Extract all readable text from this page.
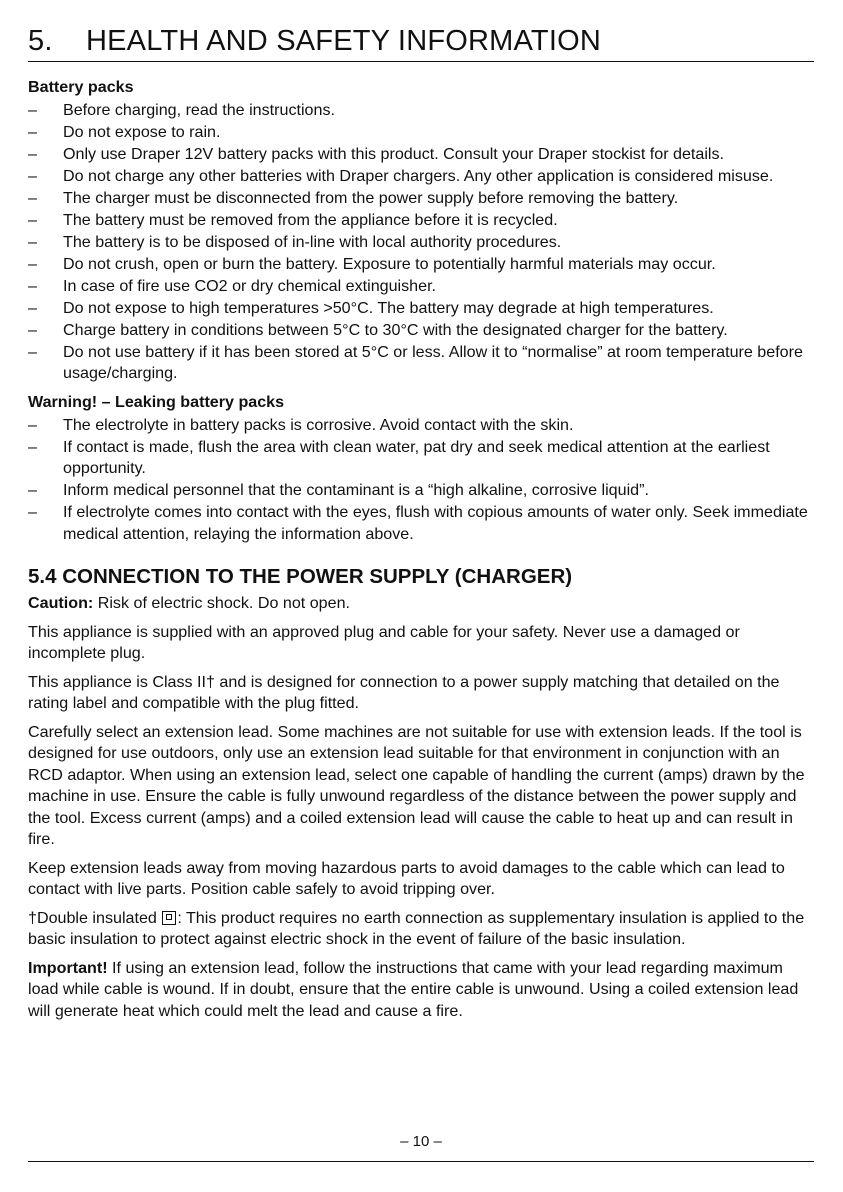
5. HEALTH AND SAFETY INFORMATION
Battery packs
–	Before charging, read the instructions.
–	Do not expose to rain.
–	Only use Draper 12V battery packs with this product. Consult your Draper stockist for details.
–	Do not charge any other batteries with Draper chargers. Any other application is considered misuse.
–	The charger must be disconnected from the power supply before removing the battery.
–	The battery must be removed from the appliance before it is recycled.
–	The battery is to be disposed of in-line with local authority procedures.
–	Do not crush, open or burn the battery. Exposure to potentially harmful materials may occur.
–	In case of fire use CO2 or dry chemical extinguisher.
–	Do not expose to high temperatures >50°C. The battery may degrade at high temperatures.
–	Charge battery in conditions between 5°C to 30°C with the designated charger for the battery.
–	Do not use battery if it has been stored at 5°C or less. Allow it to “normalise” at room temperature before usage/charging.
Warning! – Leaking battery packs
–	The electrolyte in battery packs is corrosive. Avoid contact with the skin.
–	If contact is made, flush the area with clean water, pat dry and seek medical attention at the earliest opportunity.
–	Inform medical personnel that the contaminant is a “high alkaline, corrosive liquid”.
–	If electrolyte comes into contact with the eyes, flush with copious amounts of water only. Seek immediate medical attention, relaying the information above.
5.4 CONNECTION TO THE POWER SUPPLY (CHARGER)

Caution: Risk of electric shock. Do not open.

This appliance is supplied with an approved plug and cable for your safety. Never use a damaged or incomplete plug.

This appliance is Class II† and is designed for connection to a power supply matching that detailed on the rating label and compatible with the plug fitted.

Carefully select an extension lead. Some machines are not suitable for use with extension leads. If the tool is designed for use outdoors, only use an extension lead suitable for that environment in conjunction with an RCD adaptor. When using an extension lead, select one capable of handling the current (amps) drawn by the machine in use. Ensure the cable is fully unwound regardless of the distance between the power supply and the tool. Excess current (amps) and a coiled extension lead will cause the cable to heat up and can result in fire.

Keep extension leads away from moving hazardous parts to avoid damages to the cable which can lead to contact with live parts. Position cable safely to avoid tripping over.

†Double insulated : This product requires no earth connection as supplementary insulation is applied to the basic insulation to protect against electric shock in the event of failure of the basic insulation.

Important! If using an extension lead, follow the instructions that came with your lead regarding maximum load while cable is wound. If in doubt, ensure that the entire cable is unwound. Using a coiled extension lead will generate heat which could melt the lead and cause a fire.

– 10 –
